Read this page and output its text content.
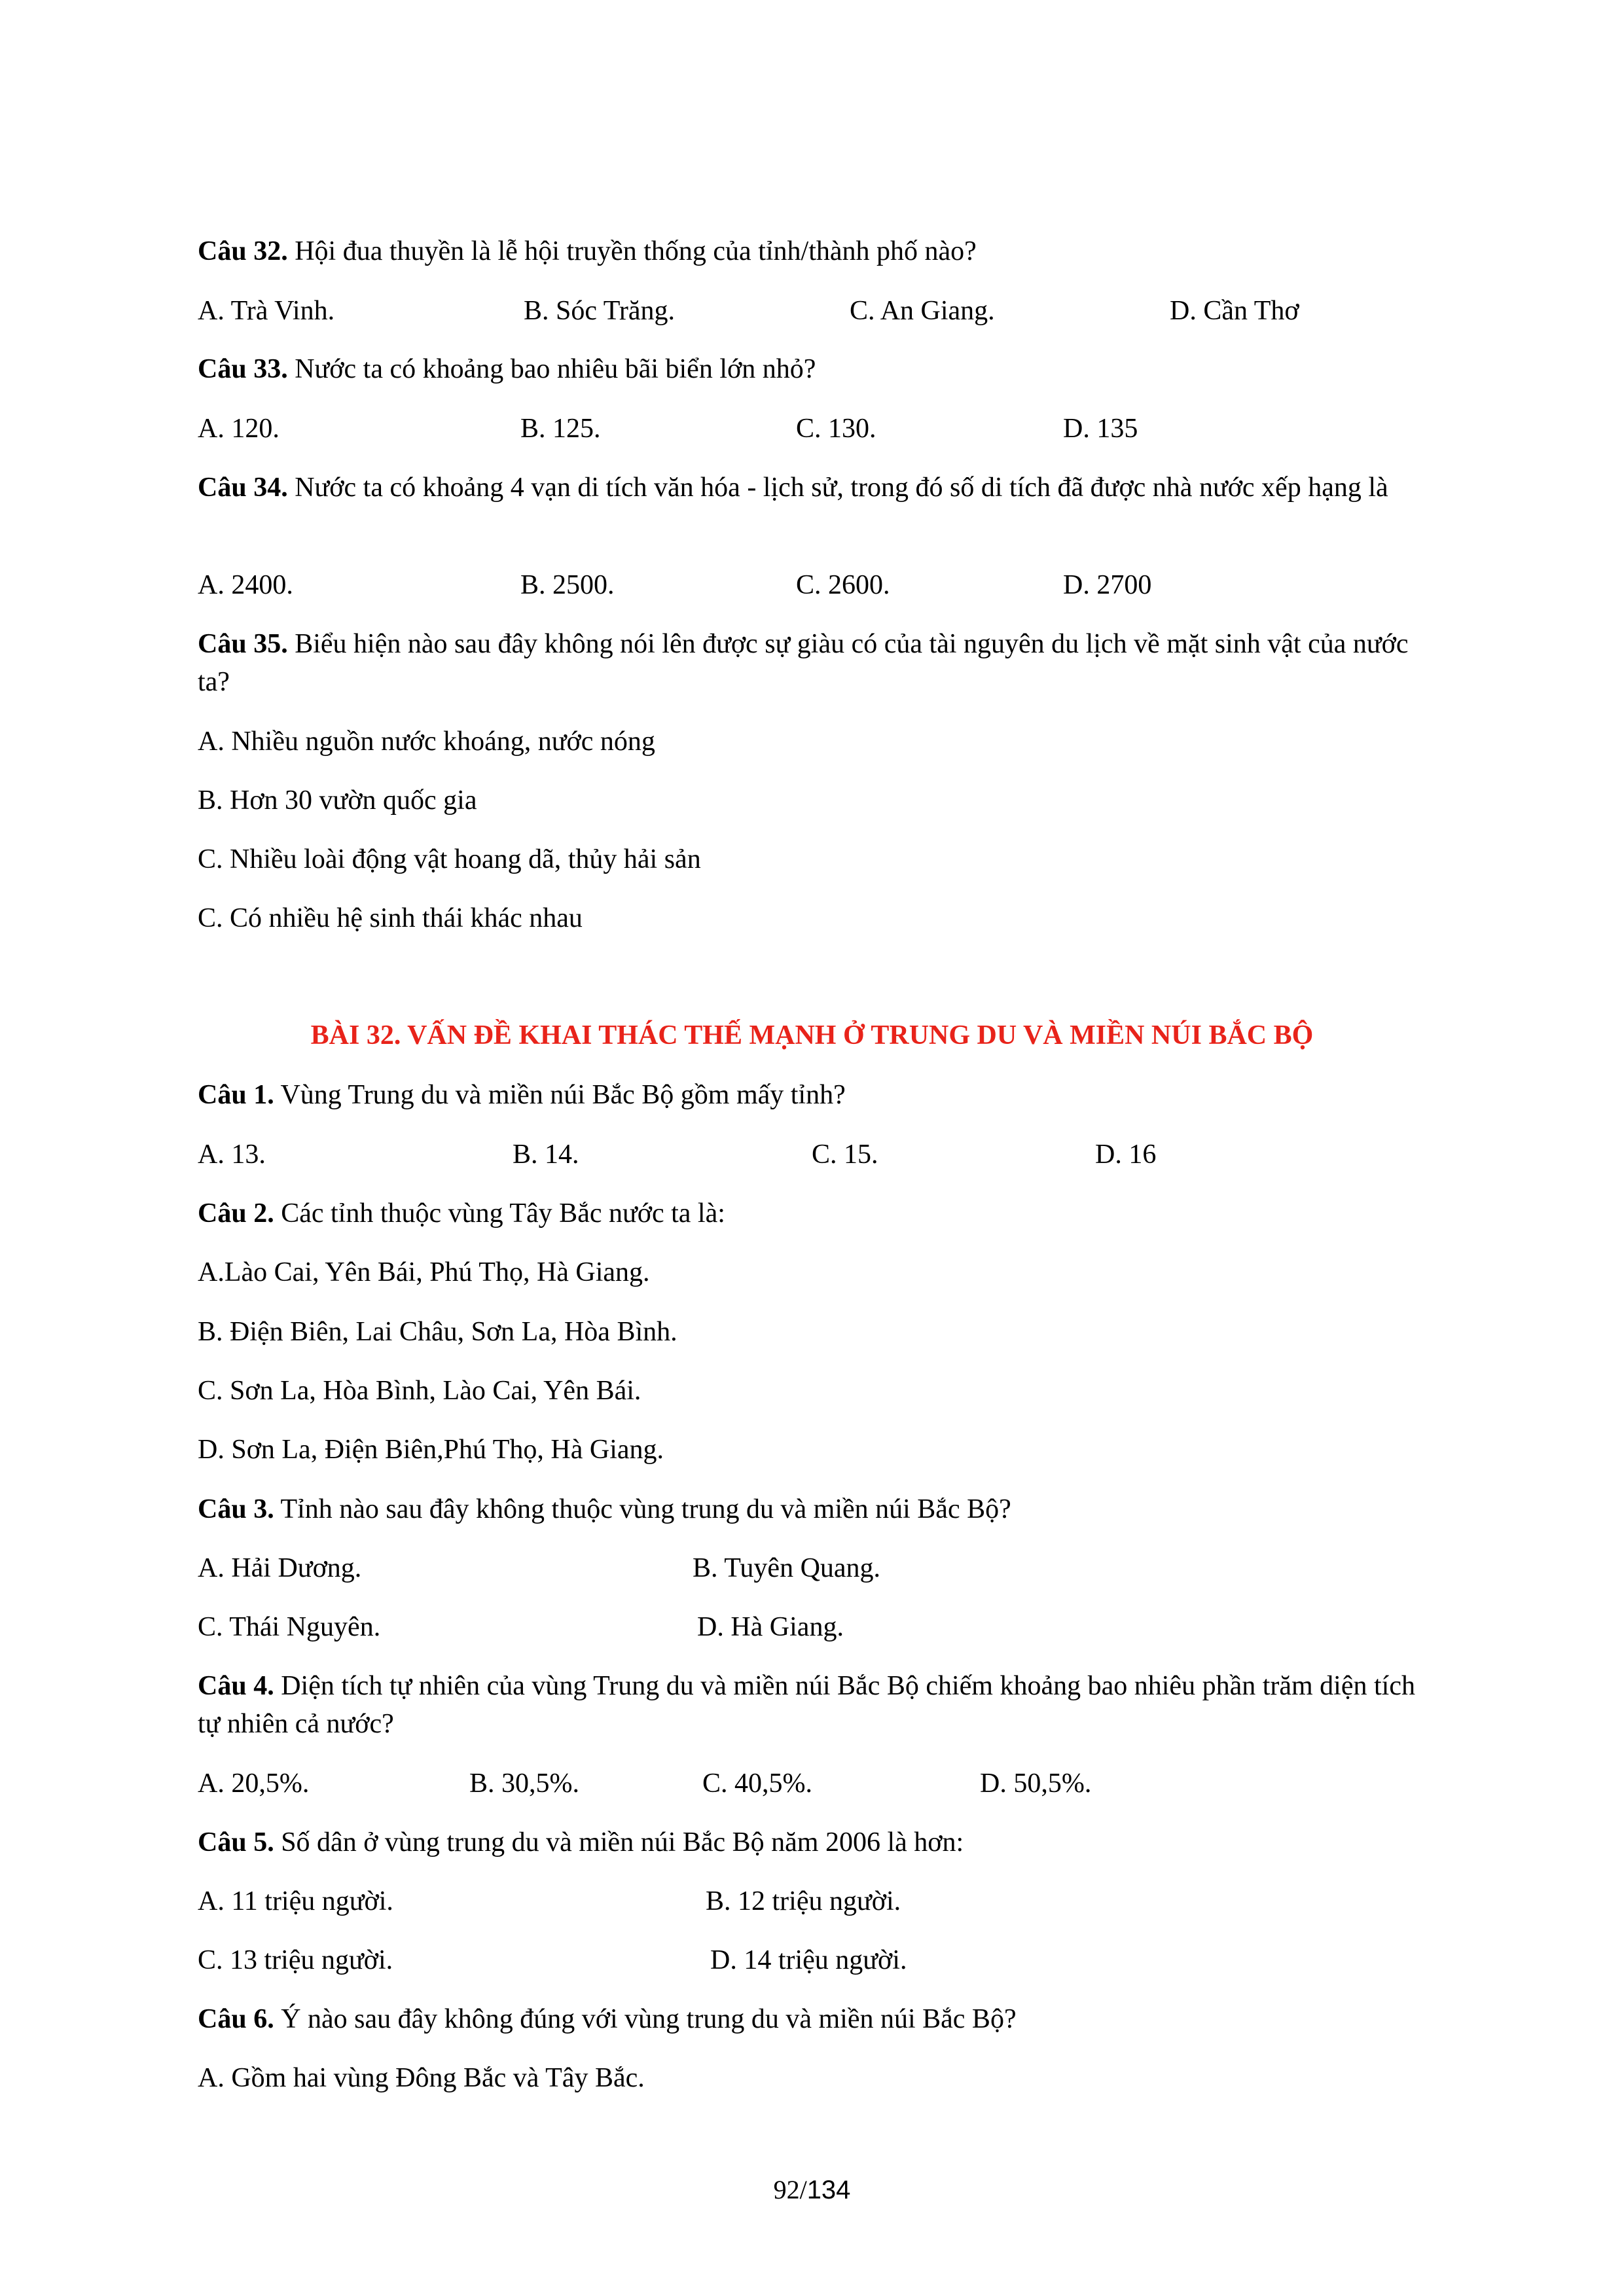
Câu 32. Hội đua thuyền là lễ hội truyền thống của tỉnh/thành phố nào?
A. Trà Vinh.	B. Sóc Trăng.	C. An Giang.	D. Cần Thơ
Câu 33. Nước ta có khoảng bao nhiêu bãi biển lớn nhỏ?
A. 120.	B. 125.	C. 130.	D. 135
Câu 34. Nước ta có khoảng 4 vạn di tích văn hóa - lịch sử, trong đó số di tích đã được nhà nước xếp hạng là
A. 2400.	B. 2500.	C. 2600.	D. 2700
Câu 35. Biểu hiện nào sau đây không nói lên được sự giàu có của tài nguyên du lịch về mặt sinh vật của nước ta?
A. Nhiều nguồn nước khoáng, nước nóng
B. Hơn 30 vườn quốc gia
C. Nhiều loài động vật hoang dã, thủy hải sản
C. Có nhiều hệ sinh thái khác nhau
BÀI 32. VẤN ĐỀ KHAI THÁC THẾ MẠNH Ở TRUNG DU VÀ MIỀN NÚI BẮC BỘ
Câu 1. Vùng Trung du và miền núi Bắc Bộ gồm mấy tỉnh?
A. 13.	B. 14.	C. 15.	D. 16
Câu 2. Các tỉnh thuộc vùng Tây Bắc nước ta là:
A.Lào Cai, Yên Bái, Phú Thọ, Hà Giang.
B. Điện Biên, Lai Châu, Sơn La, Hòa Bình.
C. Sơn La, Hòa Bình, Lào Cai, Yên Bái.
D. Sơn La, Điện Biên,Phú Thọ, Hà Giang.
Câu 3. Tỉnh nào sau đây không thuộc vùng trung du và miền núi Bắc Bộ?
A. Hải Dương.	B. Tuyên Quang.
C. Thái Nguyên.	D. Hà Giang.
Câu 4. Diện tích tự nhiên của vùng Trung du và miền núi Bắc Bộ chiếm khoảng bao nhiêu phần trăm diện tích tự nhiên cả nước?
A. 20,5%.	B. 30,5%.	C. 40,5%.	D. 50,5%.
Câu 5. Số dân ở vùng trung du và miền núi Bắc Bộ năm 2006 là hơn:
A. 11 triệu người.	B. 12 triệu người.
C. 13 triệu người.	D. 14 triệu người.
Câu 6. Ý nào sau đây không đúng với vùng trung du và miền núi Bắc Bộ?
A. Gồm hai vùng Đông Bắc và Tây Bắc.
92/134
